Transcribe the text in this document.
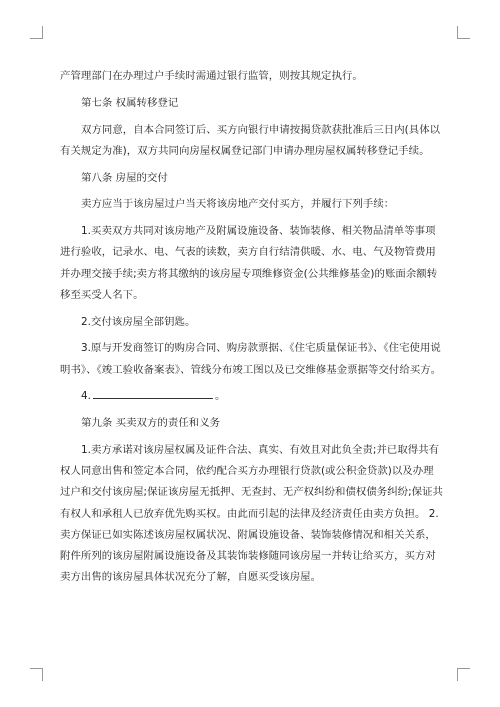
产管理部门在办理过户手续时需通过银行监管，则按其规定执行。

第七条 权属转移登记

双方同意，自本合同签订后、买方向银行申请按揭贷款获批准后三日内(具体以有关规定为准)，双方共同向房屋权属登记部门申请办理房屋权属转移登记手续。

第八条 房屋的交付

卖方应当于该房屋过户当天将该房地产交付买方，并履行下列手续：

1.买卖双方共同对该房地产及附属设施设备、装饰装修、相关物品清单等事项进行验收，记录水、电、气表的读数，卖方自行结清供暖、水、电、气及物管费用并办理交接手续;卖方将其缴纳的该房屋专项维修资金(公共维修基金)的账面余额转移至买受人名下。

2.交付该房屋全部钥匙。

3.原与开发商签订的购房合同、购房款票据、《住宅质量保证书》、《住宅使用说明书》、《竣工验收备案表》、管线分布竣工图以及已交维修基金票据等交付给买方。

4.	。

第九条 买卖双方的责任和义务

1.卖方承诺对该房屋权属及证件合法、真实、有效且对此负全责;并已取得共有权人同意出售和签定本合同，依约配合买方办理银行贷款(或公积金贷款)以及办理过户和交付该房屋;保证该房屋无抵押、无查封、无产权纠纷和债权债务纠纷;保证共有权人和承租人已放弃优先购买权。由此而引起的法律及经济责任由卖方负担。 2.卖方保证已如实陈述该房屋权属状况、附属设施设备、装饰装修情况和相关关系，附件所列的该房屋附属设施设备及其装饰装修随同该房屋一并转让给买方，买方对卖方出售的该房屋具体状况充分了解，自愿买受该房屋。
